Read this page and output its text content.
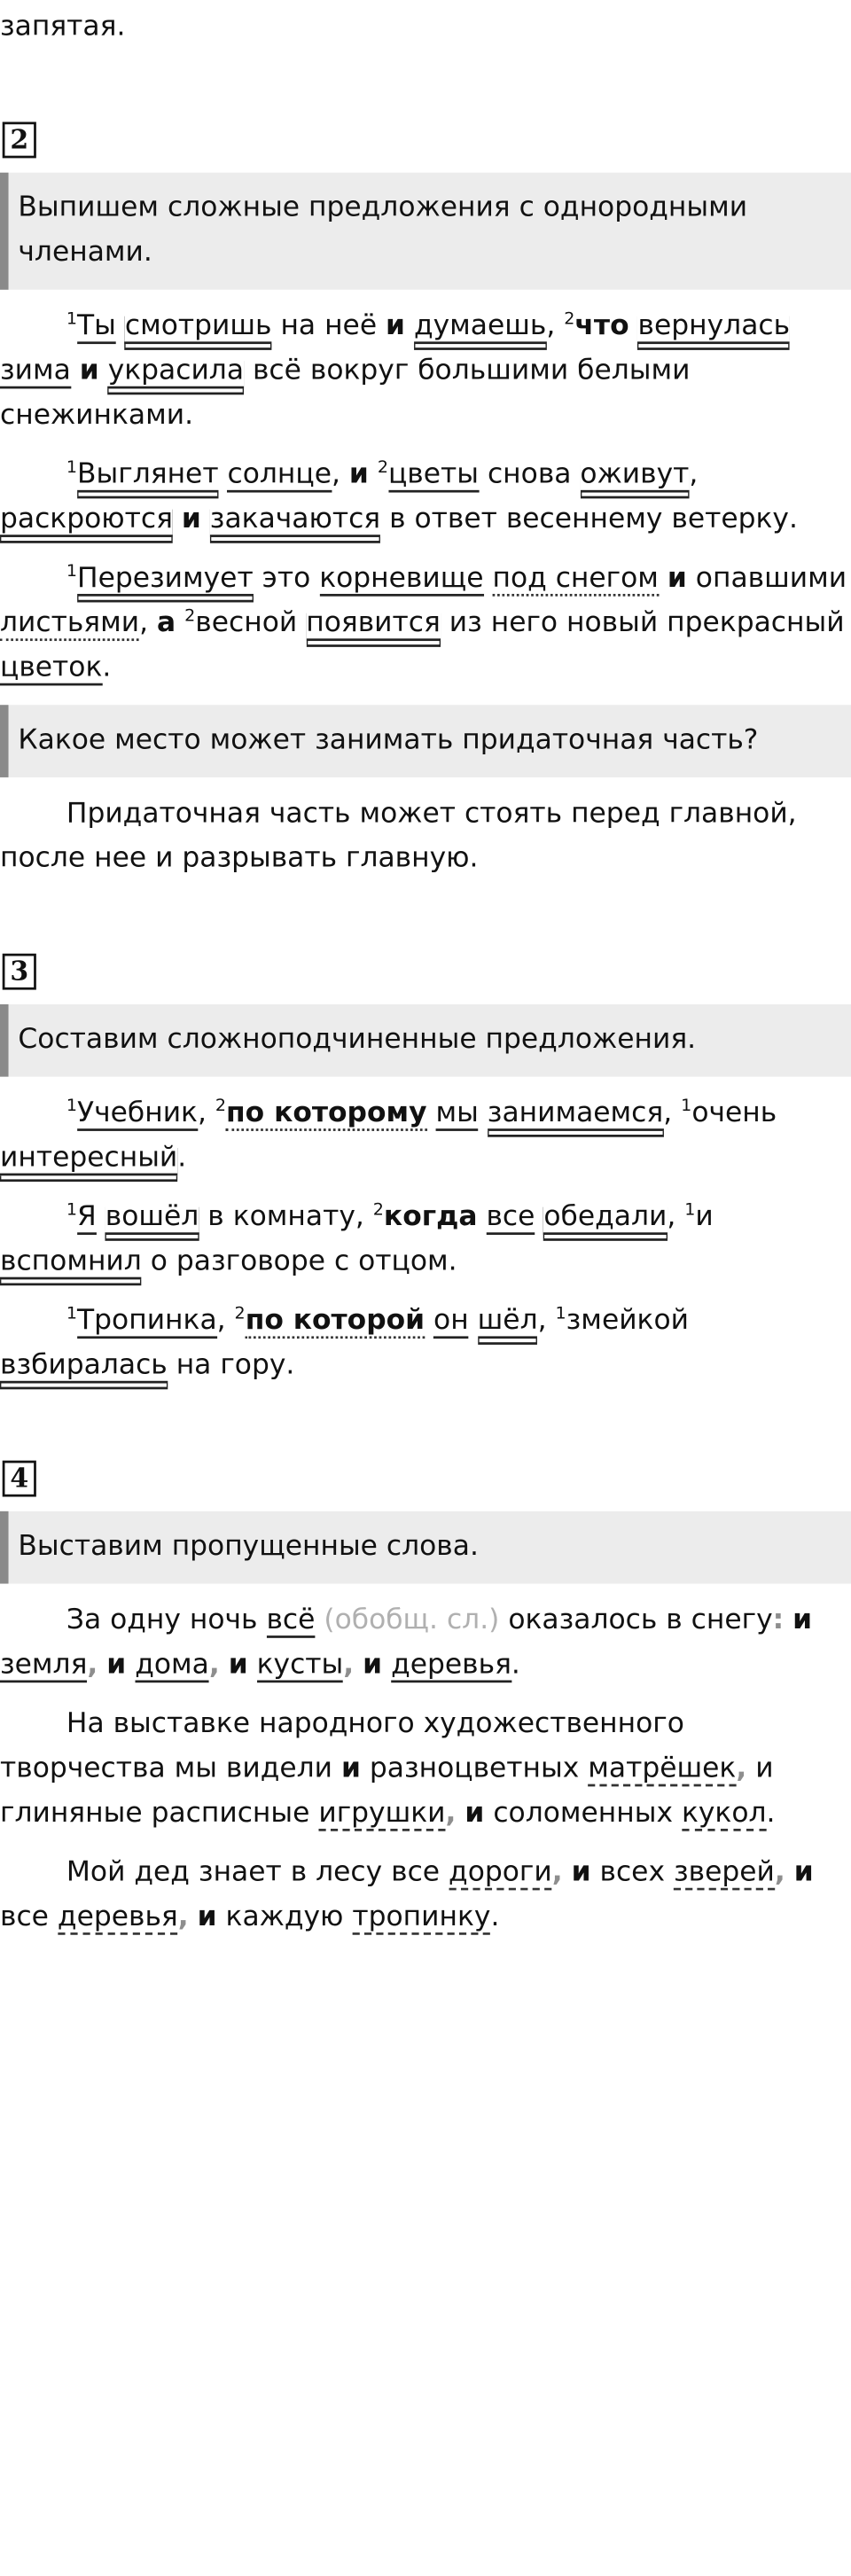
запятая.

2
Выпишем сложные предложения с однородными членами.

$^1$Ты смотришь на неё и думаешь, $^2$что вернулась зима и украсила всё вокруг большими белыми снежинками.

$^1$Выглянет солнце, и $^2$цветы снова оживут, раскроются и закачаются в ответ весеннему ветерку.

$^1$Перезимует это корневище под снегом и опавшими листьями, а $^2$весной появится из него новый прекрасный цветок.

Какое место может занимать придаточная часть?

Придаточная часть может стоять перед главной, после нее и разрывать главную.

3
Составим сложноподчиненные предложения.

$^1$Учебник, $^2$по которому мы занимаемся, $^1$очень интересный.

$^1$Я вошёл в комнату, $^2$когда все обедали, $^1$и вспомнил о разговоре с отцом.

$^1$Тропинка, $^2$по которой он шёл, $^1$змейкой взбиралась на гору.

4
Выставим пропущенные слова.

За одну ночь всё (обобщ. сл.) оказалось в снегу: и земля, и дома, и кусты, и деревья.

На выставке народного художественного творчества мы видели и разноцветных матрёшек, и глиняные расписные игрушки, и соломенных кукол.

Мой дед знает в лесу все дороги, и всех зверей, и все деревья, и каждую тропинку.
